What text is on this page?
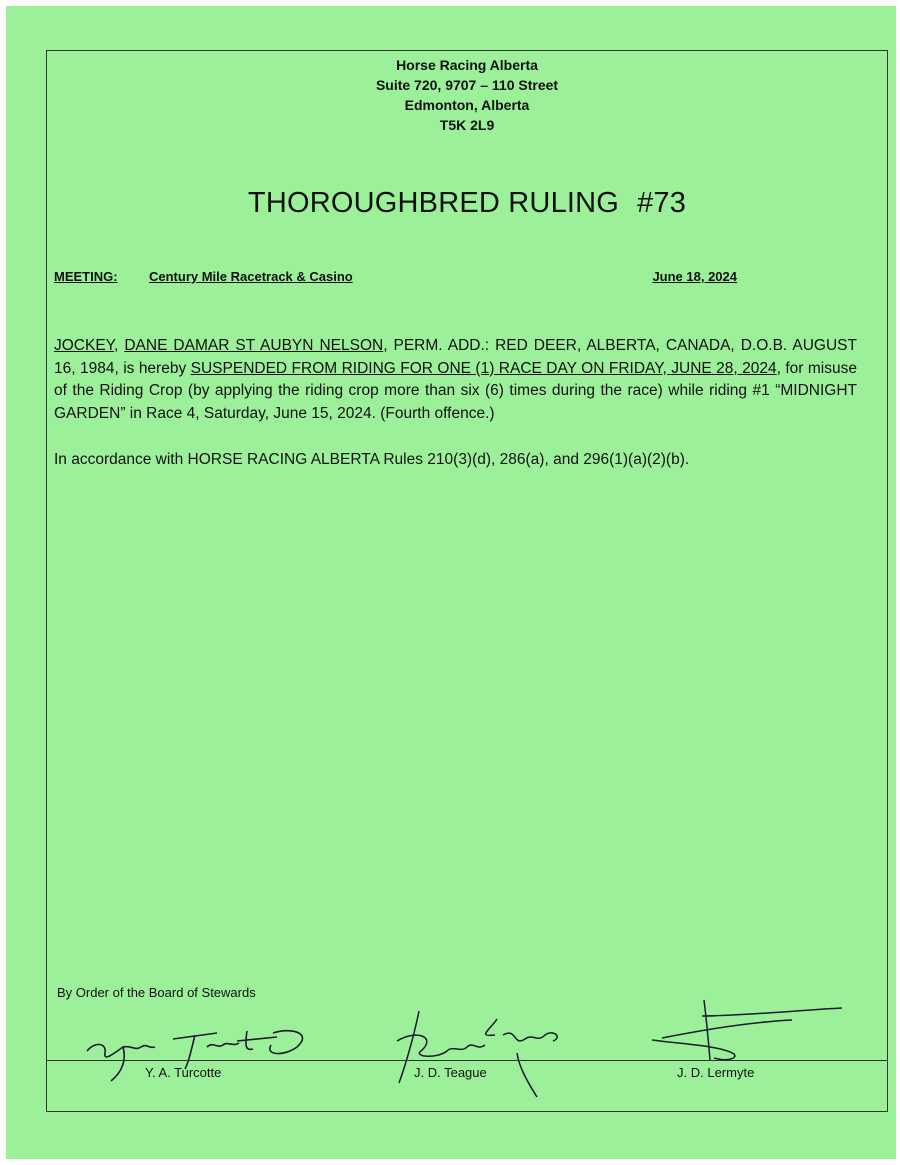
Horse Racing Alberta
Suite 720, 9707 – 110 Street
Edmonton, Alberta
T5K 2L9
THOROUGHBRED RULING #73
MEETING: Century Mile Racetrack & Casino	June 18, 2024

JOCKEY, DANE DAMAR ST AUBYN NELSON, PERM. ADD.: RED DEER, ALBERTA, CANADA, D.O.B. AUGUST 16, 1984, is hereby SUSPENDED FROM RIDING FOR ONE (1) RACE DAY ON FRIDAY, JUNE 28, 2024, for misuse of the Riding Crop (by applying the riding crop more than six (6) times during the race) while riding #1 “MIDNIGHT GARDEN” in Race 4, Saturday, June 15, 2024. (Fourth offence.)

In accordance with HORSE RACING ALBERTA Rules 210(3)(d), 286(a), and 296(1)(a)(2)(b).

By Order of the Board of Stewards
Y. A. Turcotte	J. D. Teague	J. D. Lermyte
